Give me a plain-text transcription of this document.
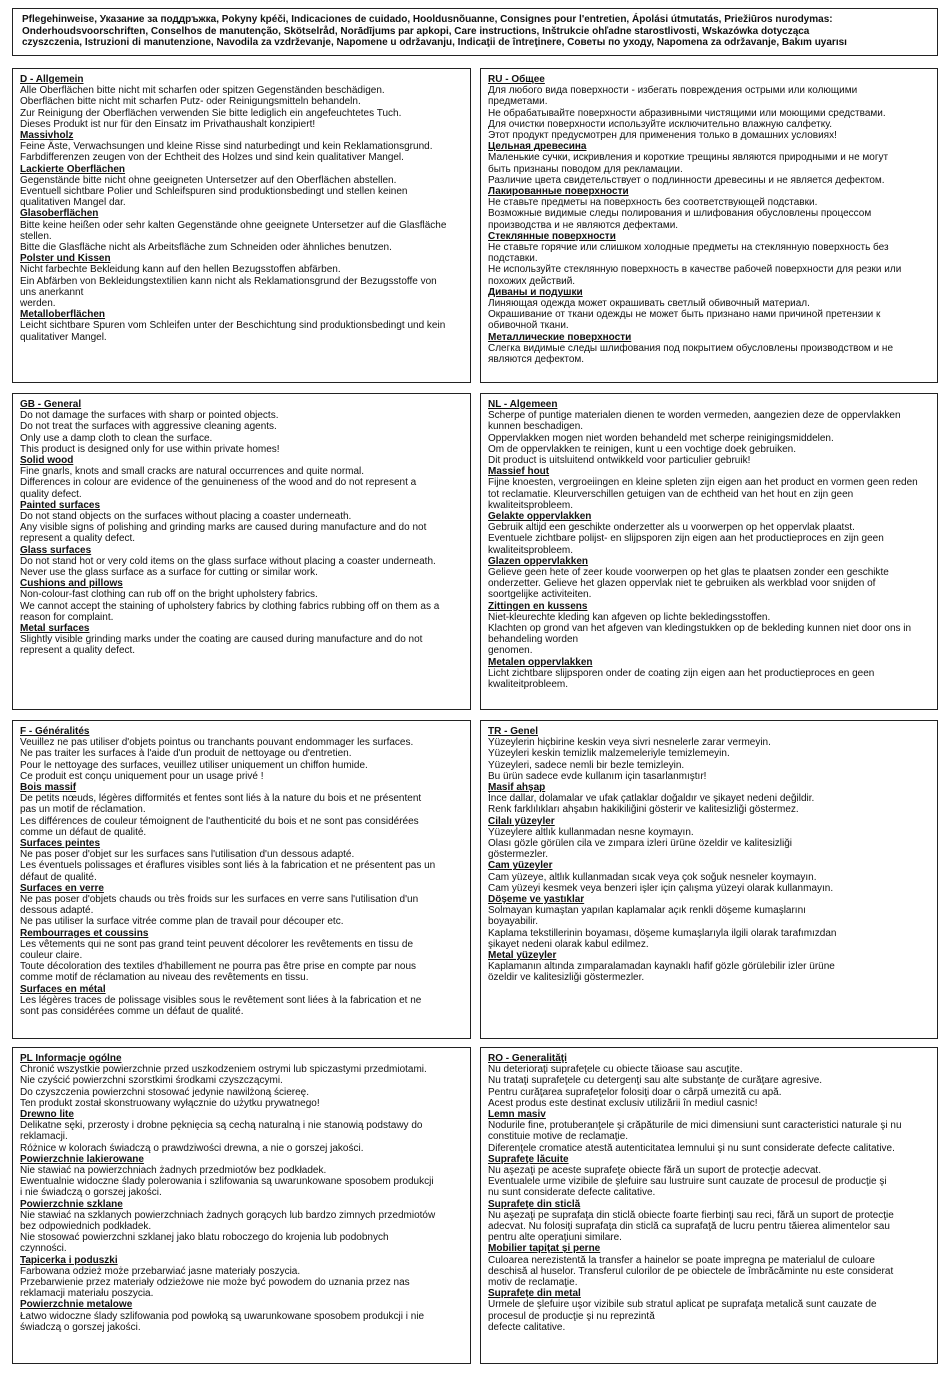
Pflegehinweise, Указание за поддръжка, Pokyny kpéči, Indicaciones de cuidado, Hooldusnõuanne, Consignes pour l'entretien, Ápolási útmutatás, Priežiūros nurodymas:
Onderhoudsvoorschriften, Conselhos de manutenção, Skötselråd, Norādījums par apkopi, Care instructions, Inštrukcie ohľadne starostlivosti, Wskazówka dotycząca
czyszczenia, Istruzioni di manutenzione, Navodila za vzdrževanje, Napomene u održavanju, Indicaţii de întreţinere, Советы по уходу, Napomena za održavanje, Bakım uyarısı
D - Allgemein
Alle Oberflächen bitte nicht mit scharfen oder spitzen Gegenständen beschädigen.
Oberflächen bitte nicht mit scharfen Putz- oder Reinigungsmitteln behandeln.
Zur Reinigung der Oberflächen verwenden Sie bitte lediglich ein angefeuchtetes Tuch.
Dieses Produkt ist nur für den Einsatz im Privathaushalt konzipiert!
Massivholz
Feine Äste, Verwachsungen und kleine Risse sind naturbedingt und kein Reklamationsgrund.
Farbdifferenzen zeugen von der Echtheit des Holzes und sind kein qualitativer Mangel.
Lackierte Oberflächen
Gegenstände bitte nicht ohne geeigneten Untersetzer auf den Oberflächen abstellen.
Eventuell sichtbare Polier und Schleifspuren sind produktionsbedingt und stellen keinen
qualitativen Mangel dar.
Glasoberflächen
Bitte keine heißen oder sehr kalten Gegenstände ohne geeignete Untersetzer auf die Glasfläche
stellen.
Bitte die Glasfläche nicht als Arbeitsfläche zum Schneiden oder ähnliches benutzen.
Polster und Kissen
Nicht farbechte Bekleidung kann auf den hellen Bezugsstoffen abfärben.
Ein Abfärben von Bekleidungstextilien kann nicht als Reklamationsgrund der Bezugsstoffe von
uns anerkannt
werden.
Metalloberflächen
Leicht sichtbare Spuren vom Schleifen unter der Beschichtung sind produktionsbedingt und kein
qualitativer Mangel.
RU - Общее
Для любого вида поверхности - избегать повреждения острыми или колющими
предметами.
Не обрабатывайте поверхности абразивными чистящими или моющими средствами.
Для очистки поверхности используйте исключительно влажную салфетку.
Этот продукт предусмотрен для применения только в домашних условиях!
Цельная древесина
Маленькие сучки, искривления и короткие трещины являются природными и не могут
быть признаны поводом для рекламации.
Различие цвета свидетельствует о подлинности древесины и не является дефектом.
Лакированные поверхности
Не ставьте предметы на поверхность без соответствующей подставки.
Возможные видимые следы полирования и шлифования обусловлены процессом
производства и не являются дефектами.
Стеклянные поверхности
Не ставьте горячие или слишком холодные предметы на стеклянную поверхность без
подставки.
Не используйте стеклянную поверхность в качестве рабочей поверхности для резки или
похожих действий.
Диваны и подушки
Линяющая одежда может окрашивать светлый обивочный материал.
Окрашивание от ткани одежды не может быть признано нами причиной претензии к
обивочной ткани.
Металлические поверхности
Слегка видимые следы шлифования под покрытием обусловлены производством и не
являются дефектом.
GB - General
Do not damage the surfaces with sharp or pointed objects.
Do not treat the surfaces with aggressive cleaning agents.
Only use a damp cloth to clean the surface.
This product is designed only for use within private homes!
Solid wood
Fine gnarls, knots and small cracks are natural occurrences and quite normal.
Differences in colour are evidence of the genuineness of the wood and do not represent a
quality defect.
Painted surfaces
Do not stand objects on the surfaces without placing a coaster underneath.
Any visible signs of polishing and grinding marks are caused during manufacture and do not
represent a quality defect.
Glass surfaces
Do not stand hot or very cold items on the glass surface without placing a coaster underneath.
Never use the glass surface as a surface for cutting or similar work.
Cushions and pillows
Non-colour-fast clothing can rub off on the bright upholstery fabrics.
We cannot accept the staining of upholstery fabrics by clothing fabrics rubbing off on them as a
reason for complaint.
Metal surfaces
Slightly visible grinding marks under the coating are caused during manufacture and do not
represent a quality defect.
NL - Algemeen
Scherpe of puntige materialen dienen te worden vermeden, aangezien deze de oppervlakken
kunnen beschadigen.
Oppervlakken mogen niet worden behandeld met scherpe reinigingsmiddelen.
Om de oppervlakken te reinigen, kunt u een vochtige doek gebruiken.
Dit product is uitsluitend ontwikkeld voor particulier gebruik!
Massief hout
Fijne knoesten, vergroeiingen en kleine spleten zijn eigen aan het product en vormen geen reden
tot reclamatie. Kleurverschillen getuigen van de echtheid van het hout en zijn geen
kwaliteitsprobleem.
Gelakte oppervlakken
Gebruik altijd een geschikte onderzetter als u voorwerpen op het oppervlak plaatst.
Eventuele zichtbare polijst- en slijpsporen zijn eigen aan het productieproces en zijn geen
kwaliteitsprobleem.
Glazen oppervlakken
Gelieve geen hete of zeer koude voorwerpen op het glas te plaatsen zonder een geschikte
onderzetter. Gelieve het glazen oppervlak niet te gebruiken als werkblad voor snijden of
soortgelijke activiteiten.
Zittingen en kussens
Niet-kleurechte kleding kan afgeven op lichte bekledingsstoffen.
Klachten op grond van het afgeven van kledingstukken op de bekleding kunnen niet door ons in
behandeling worden
genomen.
Metalen oppervlakken
Licht zichtbare slijpsporen onder de coating zijn eigen aan het productieproces en geen
kwaliteitprobleem.
F - Généralités
Veuillez ne pas utiliser d'objets pointus ou tranchants pouvant endommager les surfaces.
Ne pas traiter les surfaces à l'aide d'un produit de nettoyage ou d'entretien.
Pour le nettoyage des surfaces, veuillez utiliser uniquement un chiffon humide.
Ce produit est conçu uniquement pour un usage privé !
Bois massif
De petits nœuds, légères difformités et fentes sont liés à la nature du bois et ne présentent
pas un motif de réclamation.
Les différences de couleur témoignent de l'authenticité du bois et ne sont pas considérées
comme un défaut de qualité.
Surfaces peintes
Ne pas poser d'objet sur les surfaces sans l'utilisation d'un dessous adapté.
Les éventuels polissages et éraflures visibles sont liés à la fabrication et ne présentent pas un
défaut de qualité.
Surfaces en verre
Ne pas poser d'objets chauds ou très froids sur les surfaces en verre sans l'utilisation d'un
dessous adapté.
Ne pas utiliser la surface vitrée comme plan de travail pour découper etc.
Rembourrages et coussins
Les vêtements qui ne sont pas grand teint peuvent décolorer les revêtements en tissu de
couleur claire.
Toute décoloration des textiles d'habillement ne pourra pas être prise en compte par nous
comme motif de réclamation au niveau des revêtements en tissu.
Surfaces en métal
Les légères traces de polissage visibles sous le revêtement sont liées à la fabrication et ne
sont pas considérées comme un défaut de qualité.
TR - Genel
Yüzeylerin hiçbirine keskin veya sivri nesnelerle zarar vermeyin.
Yüzeyleri keskin temizlik malzemeleriyle temizlemeyin.
Yüzeyleri, sadece nemli bir bezle temizleyin.
Bu ürün sadece evde kullanım için tasarlanmıştır!
Masif ahşap
İnce dallar, dolamalar ve ufak çatlaklar doğaldır ve şikayet nedeni değildir.
Renk farklılıkları ahşabın hakikiliğini gösterir ve kalitesizliği göstermez.
Cilalı yüzeyler
Yüzeylere altlık kullanmadan nesne koymayın.
Olası gözle görülen cila ve zımpara izleri ürüne özeldir ve kalitesizliği
göstermezler.
Cam yüzeyler
Cam yüzeye, altlık kullanmadan sıcak veya çok soğuk nesneler koymayın.
Cam yüzeyi kesmek veya benzeri işler için çalışma yüzeyi olarak kullanmayın.
Döşeme ve yastıklar
Solmayan kumaştan yapılan kaplamalar açık renkli döşeme kumaşlarını
boyayabilir.
Kaplama tekstillerinin boyaması, döşeme kumaşlarıyla ilgili olarak tarafımızdan
şikayet nedeni olarak kabul edilmez.
Metal yüzeyler
Kaplamanın altında zımparalamadan kaynaklı hafif gözle görülebilir izler ürüne
özeldir ve kalitesizliği göstermezler.
PL Informacje ogólne
Chronić wszystkie powierzchnie przed uszkodzeniem ostrymi lub spiczastymi przedmiotami.
Nie czyścić powierzchni szorstkimi środkami czyszczącymi.
Do czyszczenia powierzchni stosować jedynie nawilżoną ściereę.
Ten produkt został skonstruowany wyłącznie do użytku prywatnego!
Drewno lite
Delikatne sęki, przerosty i drobne pęknięcia są cechą naturalną i nie stanowią podstawy do
reklamacji.
Różnice w kolorach świadczą o prawdziwości drewna, a nie o gorszej jakości.
Powierzchnie lakierowane
Nie stawiać na powierzchniach żadnych przedmiotów bez podkładek.
Ewentualnie widoczne ślady polerowania i szlifowania są uwarunkowane sposobem produkcji
i nie świadczą o gorszej jakości.
Powierzchnie szklane
Nie stawiać na szklanych powierzchniach żadnych gorących lub bardzo zimnych przedmiotów
bez odpowiednich podkładek.
Nie stosować powierzchni szklanej jako blatu roboczego do krojenia lub podobnych
czynności.
Tapicerka i poduszki
Farbowana odzież może przebarwiać jasne materiały poszycia.
Przebarwienie przez materiały odzieżowe nie może być powodem do uznania przez nas
reklamacji materiału poszycia.
Powierzchnie metalowe
Łatwo widoczne ślady szlifowania pod powłoką są uwarunkowane sposobem produkcji i nie
świadczą o gorszej jakości.
RO - Generalităţi
Nu deterioraţi suprafeţele cu obiecte tăioase sau ascuţite.
Nu trataţi suprafeţele cu detergenţi sau alte substanţe de curăţare agresive.
Pentru curăţarea suprafeţelor folosiţi doar o cârpă umezită cu apă.
Acest produs este destinat exclusiv utilizării în mediul casnic!
Lemn masiv
Nodurile fine, protuberanţele şi crăpăturile de mici dimensiuni sunt caracteristici naturale şi nu
constituie motive de reclamaţie.
Diferenţele cromatice atestă autenticitatea lemnului şi nu sunt considerate defecte calitative.
Suprafeţe lăcuite
Nu aşezaţi pe aceste suprafeţe obiecte fără un suport de protecţie adecvat.
Eventualele urme vizibile de şlefuire sau lustruire sunt cauzate de procesul de producţie şi
nu sunt considerate defecte calitative.
Suprafeţe din sticlă
Nu aşezaţi pe suprafaţa din sticlă obiecte foarte fierbinţi sau reci, fără un suport de protecţie
adecvat. Nu folosiţi suprafaţa din sticlă ca suprafaţă de lucru pentru tăierea alimentelor sau
pentru alte operaţiuni similare.
Mobilier tapiţat şi perne
Culoarea nerezistentă la transfer a hainelor se poate impregna pe materialul de culoare
deschisă al huselor. Transferul culorilor de pe obiectele de îmbrăcăminte nu este considerat
motiv de reclamaţie.
Suprafeţe din metal
Urmele de şlefuire uşor vizibile sub stratul aplicat pe suprafaţa metalică sunt cauzate de
procesul de producţie şi nu reprezintă
defecte calitative.
